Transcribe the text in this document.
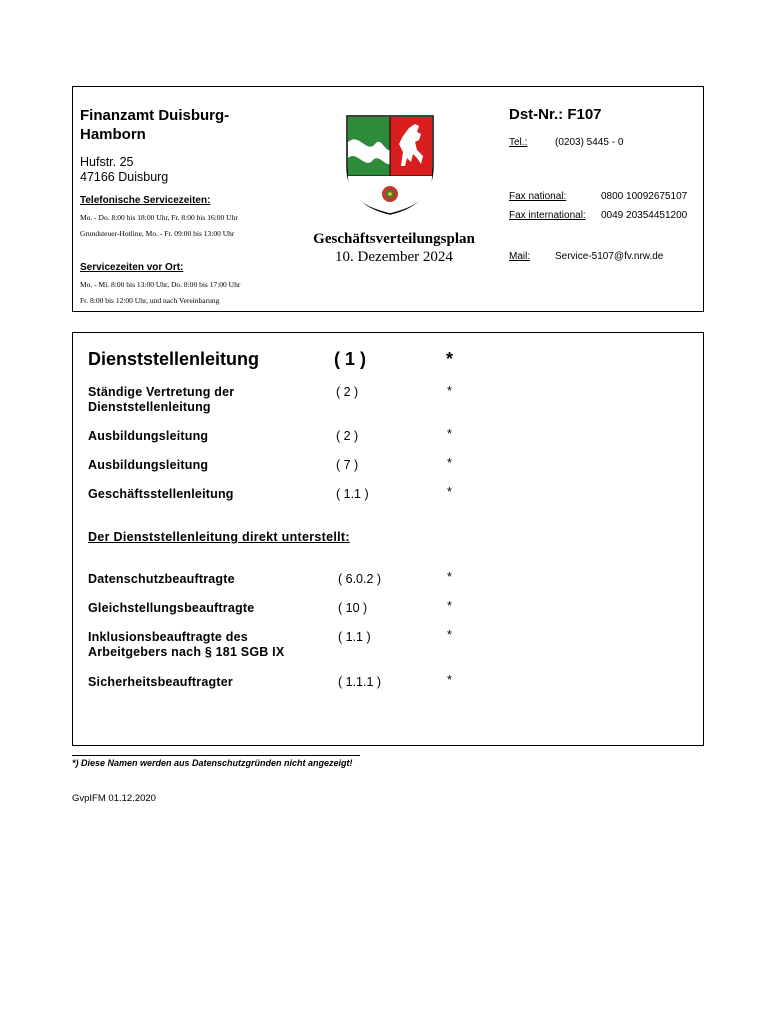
Finanzamt Duisburg-Hamborn
Hufstr. 25
47166 Duisburg
Telefonische Servicezeiten:
Mo. - Do. 8:00 bis 18:00 Uhr, Fr. 8:00 bis 16:00 Uhr
Grundsteuer-Hotline, Mo. - Fr. 09:00 bis 13:00 Uhr
Servicezeiten vor Ort:
Mo. - Mi. 8:00 bis 13:00 Uhr, Do. 8:00 bis 17:00 Uhr
Fr. 8:00 bis 12:00 Uhr, und nach Vereinbarung
Geschäftsverteilungsplan
10. Dezember 2024
Dst-Nr.: F107
Tel.:	(0203) 5445 - 0
Fax national:	0800 10092675107
Fax international: 0049 20354451200
Mail: Service-5107@fv.nrw.de
Dienststellenleitung	( 1 )	*
Ständige Vertretung der Dienststellenleitung
( 2 )	*
Ausbildungsleitung	( 2 )	*
Ausbildungsleitung	( 7 )	*
Geschäftsstellenleitung	( 1.1 )	*
Der Dienststellenleitung direkt unterstellt:
Datenschutzbeauftragte	( 6.0.2 )	*
Gleichstellungsbeauftragte	( 10 )	*
Inklusionsbeauftragte des Arbeitgebers nach § 181 SGB IX
( 1.1 )	*
Sicherheitsbeauftragter	( 1.1.1 )	*
*) Diese Namen werden aus Datenschutzgründen nicht angezeigt!
GvpIFM 01.12.2020
